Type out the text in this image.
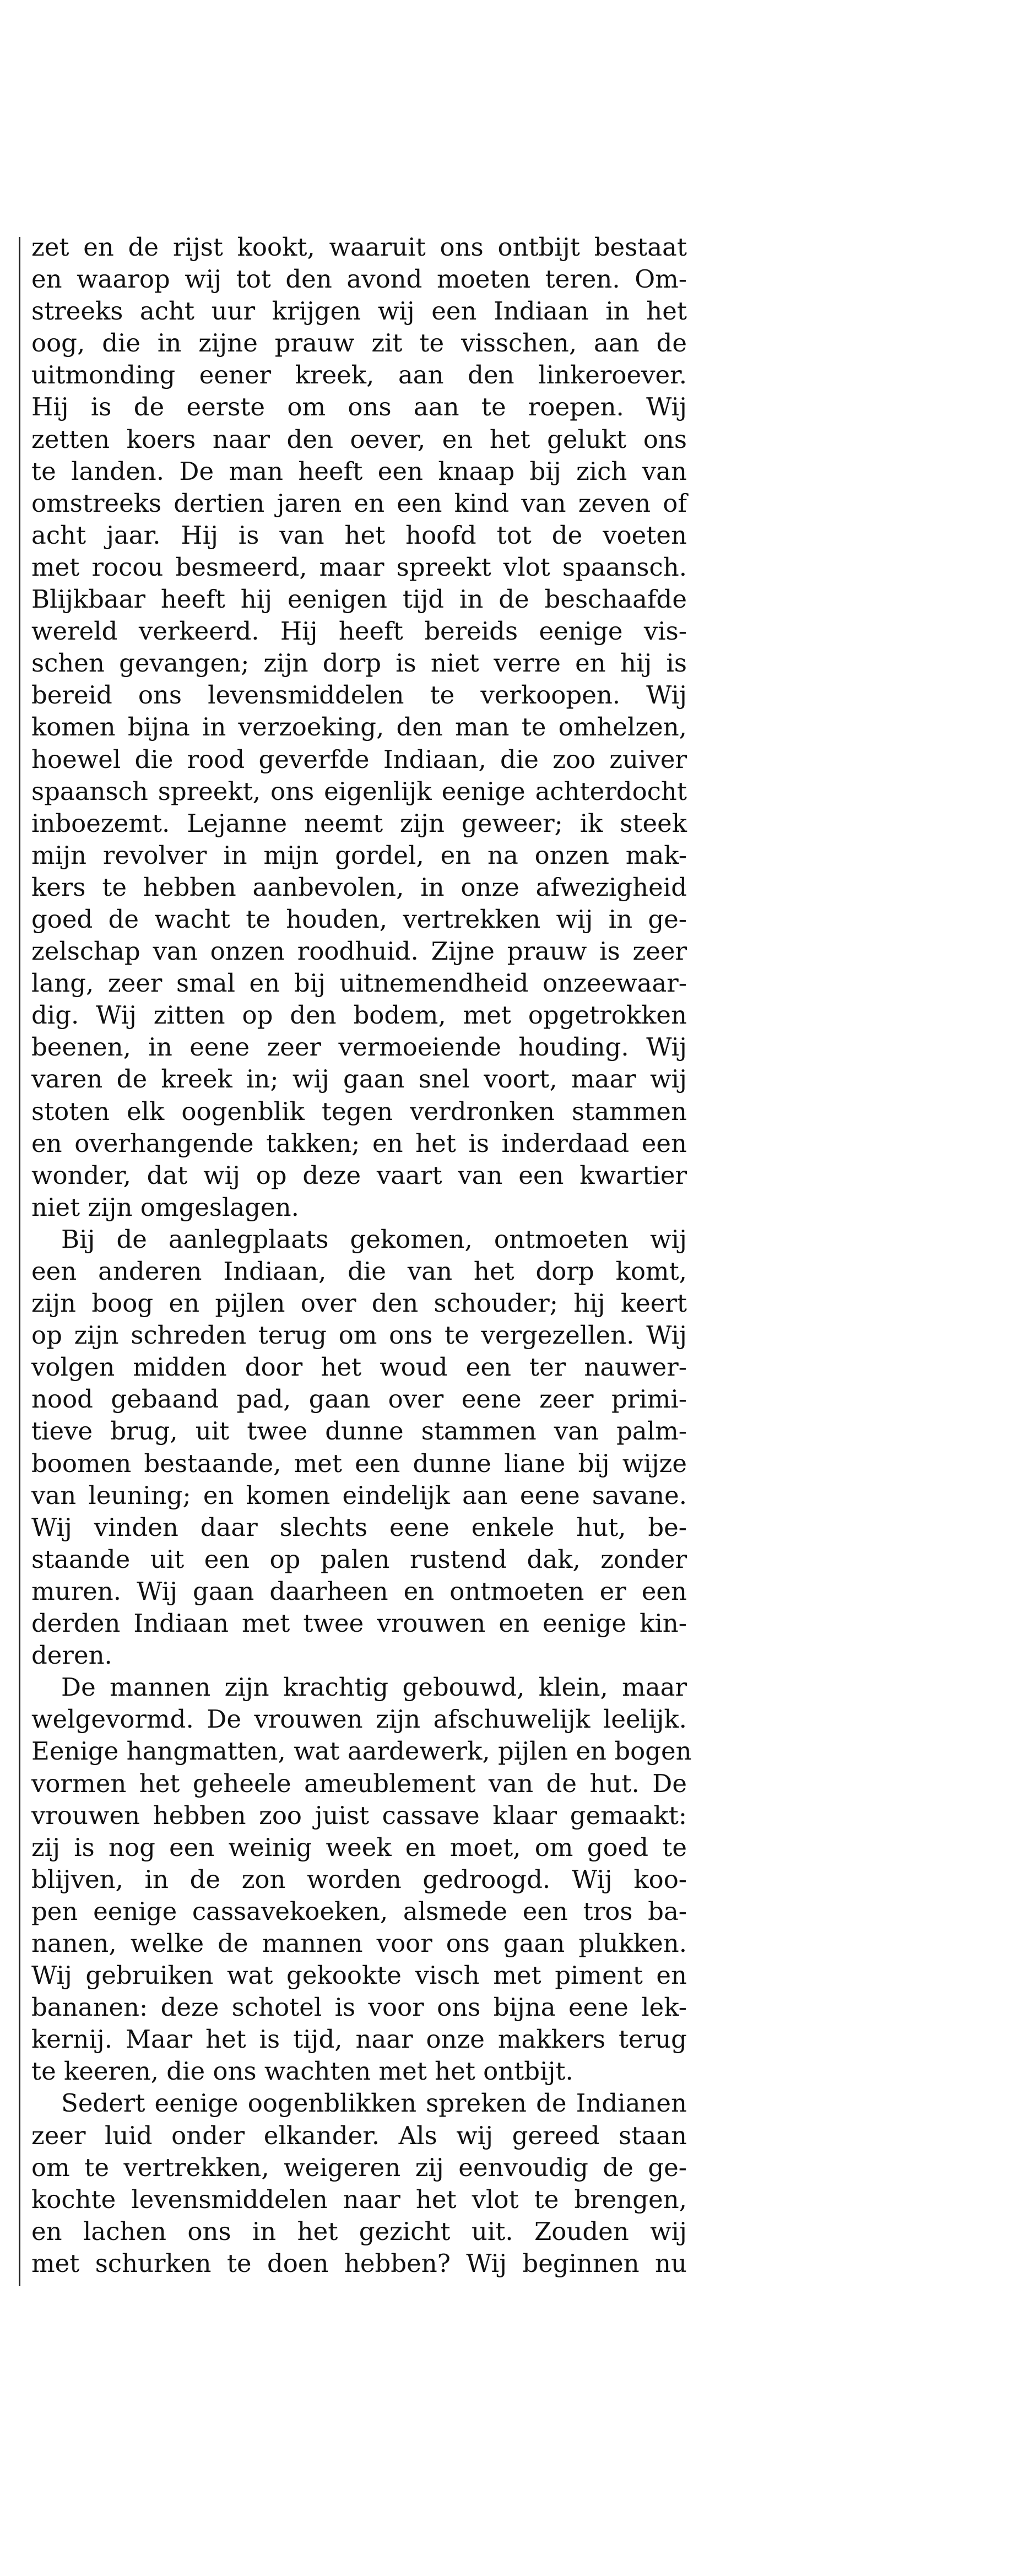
zet en de rijst kookt, waaruit ons ontbijt bestaat
en waarop wij tot den avond moeten teren. Om-
streeks acht uur krijgen wij een Indiaan in het
oog, die in zijne prauw zit te visschen, aan de
uitmonding eener kreek, aan den linkeroever.
Hij is de eerste om ons aan te roepen. Wij
zetten koers naar den oever, en het gelukt ons
te landen. De man heeft een knaap bij zich van
omstreeks dertien jaren en een kind van zeven of
acht jaar. Hij is van het hoofd tot de voeten
met rocou besmeerd, maar spreekt vlot spaansch.
Blijkbaar heeft hij eenigen tijd in de beschaafde
wereld verkeerd. Hij heeft bereids eenige vis-
schen gevangen; zijn dorp is niet verre en hij is
bereid ons levensmiddelen te verkoopen. Wij
komen bijna in verzoeking, den man te omhelzen,
hoewel die rood geverfde Indiaan, die zoo zuiver
spaansch spreekt, ons eigenlijk eenige achterdocht
inboezemt. Lejanne neemt zijn geweer; ik steek
mijn revolver in mijn gordel, en na onzen mak-
kers te hebben aanbevolen, in onze afwezigheid
goed de wacht te houden, vertrekken wij in ge-
zelschap van onzen roodhuid. Zijne prauw is zeer
lang, zeer smal en bij uitnemendheid onzeewaar-
dig. Wij zitten op den bodem, met opgetrokken
beenen, in eene zeer vermoeiende houding. Wij
varen de kreek in; wij gaan snel voort, maar wij
stoten elk oogenblik tegen verdronken stammen
en overhangende takken; en het is inderdaad een
wonder, dat wij op deze vaart van een kwartier
niet zijn omgeslagen.
Bij de aanlegplaats gekomen, ontmoeten wij
een anderen Indiaan, die van het dorp komt,
zijn boog en pijlen over den schouder; hij keert
op zijn schreden terug om ons te vergezellen. Wij
volgen midden door het woud een ter nauwer-
nood gebaand pad, gaan over eene zeer primi-
tieve brug, uit twee dunne stammen van palm-
boomen bestaande, met een dunne liane bij wijze
van leuning; en komen eindelijk aan eene savane.
Wij vinden daar slechts eene enkele hut, be-
staande uit een op palen rustend dak, zonder
muren. Wij gaan daarheen en ontmoeten er een
derden Indiaan met twee vrouwen en eenige kin-
deren.
De mannen zijn krachtig gebouwd, klein, maar
welgevormd. De vrouwen zijn afschuwelijk leelijk.
Eenige hangmatten, wat aardewerk, pijlen en bogen
vormen het geheele ameublement van de hut. De
vrouwen hebben zoo juist cassave klaar gemaakt:
zij is nog een weinig week en moet, om goed te
blijven, in de zon worden gedroogd. Wij koo-
pen eenige cassavekoeken, alsmede een tros ba-
nanen, welke de mannen voor ons gaan plukken.
Wij gebruiken wat gekookte visch met piment en
bananen: deze schotel is voor ons bijna eene lek-
kernij. Maar het is tijd, naar onze makkers terug
te keeren, die ons wachten met het ontbijt.
Sedert eenige oogenblikken spreken de Indianen
zeer luid onder elkander. Als wij gereed staan
om te vertrekken, weigeren zij eenvoudig de ge-
kochte levensmiddelen naar het vlot te brengen,
en lachen ons in het gezicht uit. Zouden wij
met schurken te doen hebben? Wij beginnen nu
